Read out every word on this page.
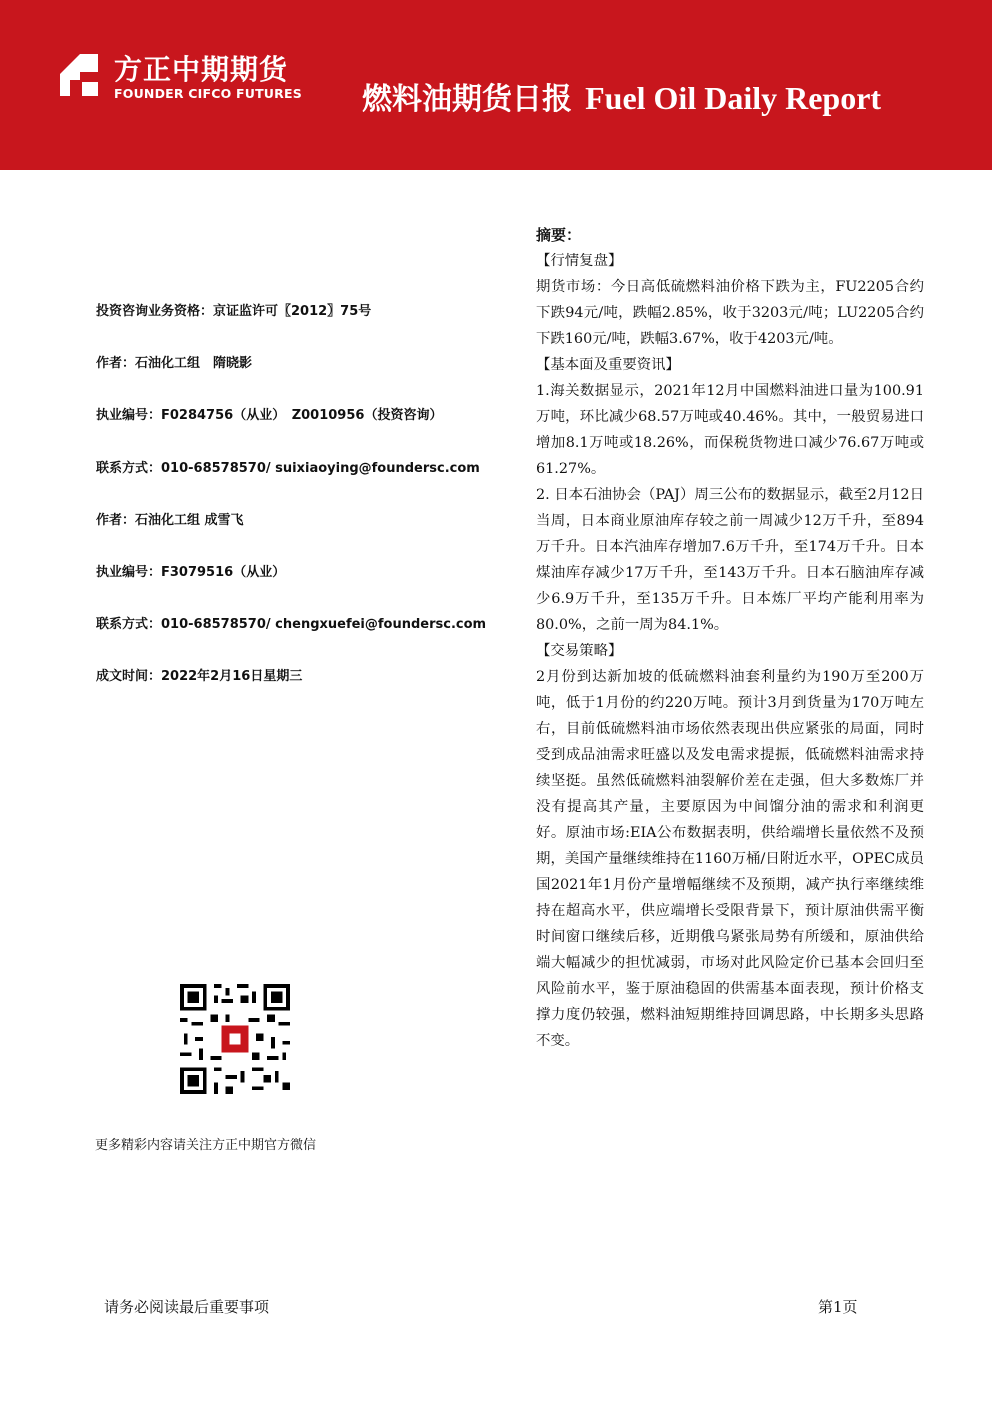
方正中期期货
FOUNDER CIFCO FUTURES 燃料油期货日报 Fuel Oil Daily Report
投资咨询业务资格：京证监许可〖2012〗75号
作者：石油化工组　隋晓影
执业编号：F0284756（从业）　Z0010956（投资咨询）
联系方式：010-68578570/ suixiaoying@foundersc.com
作者：石油化工组 成雪飞
执业编号：F3079516（从业）
联系方式：010-68578570/ chengxuefei@foundersc.com
成文时间：2022年2月16日星期三
更多精彩内容请关注方正中期官方微信

摘要：

【行情复盘】

期货市场：今日高低硫燃料油价格下跌为主，FU2205合约下跌94元/吨，跌幅2.85%，收于3203元/吨；LU2205合约下跌160元/吨，跌幅3.67%，收于4203元/吨。

【基本面及重要资讯】

1.海关数据显示，2021年12月中国燃料油进口量为100.91万吨，环比减少68.57万吨或40.46%。其中，一般贸易进口增加8.1万吨或18.26%，而保税货物进口减少76.67万吨或61.27%。

2. 日本石油协会（PAJ）周三公布的数据显示，截至2月12日当周，日本商业原油库存较之前一周减少12万千升，至894万千升。日本汽油库存增加7.6万千升，至174万千升。日本煤油库存减少17万千升，至143万千升。日本石脑油库存减少6.9万千升，至135万千升。日本炼厂平均产能利用率为80.0%，之前一周为84.1%。

【交易策略】

2月份到达新加坡的低硫燃料油套利量约为190万至200万吨，低于1月份的约220万吨。预计3月到货量为170万吨左右，目前低硫燃料油市场依然表现出供应紧张的局面，同时受到成品油需求旺盛以及发电需求提振，低硫燃料油需求持续坚挺。虽然低硫燃料油裂解价差在走强，但大多数炼厂并没有提高其产量，主要原因为中间馏分油的需求和利润更好。原油市场:EIA公布数据表明，供给端增长量依然不及预期，美国产量继续维持在1160万桶/日附近水平，OPEC成员国2021年1月份产量增幅继续不及预期，减产执行率继续维持在超高水平，供应端增长受限背景下，预计原油供需平衡时间窗口继续后移，近期俄乌紧张局势有所缓和，原油供给端大幅减少的担忧减弱，市场对此风险定价已基本会回归至风险前水平，鉴于原油稳固的供需基本面表现，预计价格支撑力度仍较强，燃料油短期维持回调思路，中长期多头思路不变。

请务必阅读最后重要事项	第1页
